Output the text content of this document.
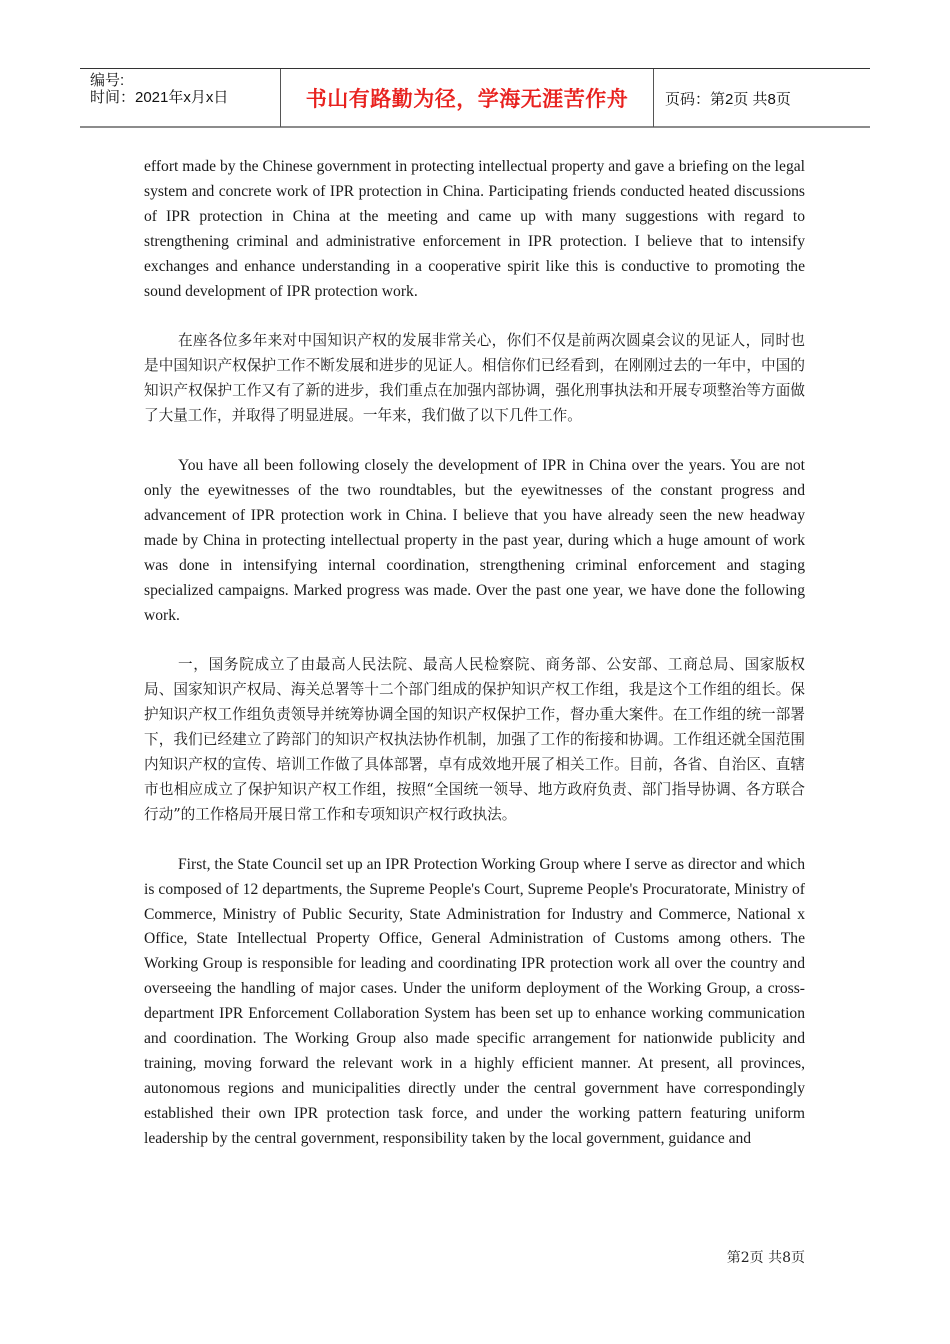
编号:
时间：2021年x月x日	书山有路勤为径，学海无涯苦作舟	页码：第2页 共8页

effort made by the Chinese government in protecting intellectual property and gave a briefing on the legal system and concrete work of IPR protection in China. Participating friends conducted heated discussions of IPR protection in China at the meeting and came up with many suggestions with regard to strengthening criminal and administrative enforcement in IPR protection. I believe that to intensify exchanges and enhance understanding in a cooperative spirit like this is conductive to promoting the sound development of IPR protection work.

在座各位多年来对中国知识产权的发展非常关心，你们不仅是前两次圆桌会议的见证人，同时也是中国知识产权保护工作不断发展和进步的见证人。相信你们已经看到，在刚刚过去的一年中，中国的知识产权保护工作又有了新的进步，我们重点在加强内部协调，强化刑事执法和开展专项整治等方面做了大量工作，并取得了明显进展。一年来，我们做了以下几件工作。

You have all been following closely the development of IPR in China over the years. You are not only the eyewitnesses of the two roundtables, but the eyewitnesses of the constant progress and advancement of IPR protection work in China. I believe that you have already seen the new headway made by China in protecting intellectual property in the past year, during which a huge amount of work was done in intensifying internal coordination, strengthening criminal enforcement and staging specialized campaigns. Marked progress was made. Over the past one year, we have done the following work.

一，国务院成立了由最高人民法院、最高人民检察院、商务部、公安部、工商总局、国家版权局、国家知识产权局、海关总署等十二个部门组成的保护知识产权工作组，我是这个工作组的组长。保护知识产权工作组负责领导并统筹协调全国的知识产权保护工作，督办重大案件。在工作组的统一部署下，我们已经建立了跨部门的知识产权执法协作机制，加强了工作的衔接和协调。工作组还就全国范围内知识产权的宣传、培训工作做了具体部署，卓有成效地开展了相关工作。目前，各省、自治区、直辖市也相应成立了保护知识产权工作组，按照“全国统一领导、地方政府负责、部门指导协调、各方联合行动”的工作格局开展日常工作和专项知识产权行政执法。

First, the State Council set up an IPR Protection Working Group where I serve as director and which is composed of 12 departments, the Supreme People's Court, Supreme People's Procuratorate, Ministry of Commerce, Ministry of Public Security, State Administration for Industry and Commerce, National x Office, State Intellectual Property Office, General Administration of Customs among others. The Working Group is responsible for leading and coordinating IPR protection work all over the country and overseeing the handling of major cases. Under the uniform deployment of the Working Group, a cross-department IPR Enforcement Collaboration System has been set up to enhance working communication and coordination. The Working Group also made specific arrangement for nationwide publicity and training, moving forward the relevant work in a highly efficient manner. At present, all provinces, autonomous regions and municipalities directly under the central government have correspondingly established their own IPR protection task force, and under the working pattern featuring uniform leadership by the central government, responsibility taken by the local government, guidance and

第2页 共8页
